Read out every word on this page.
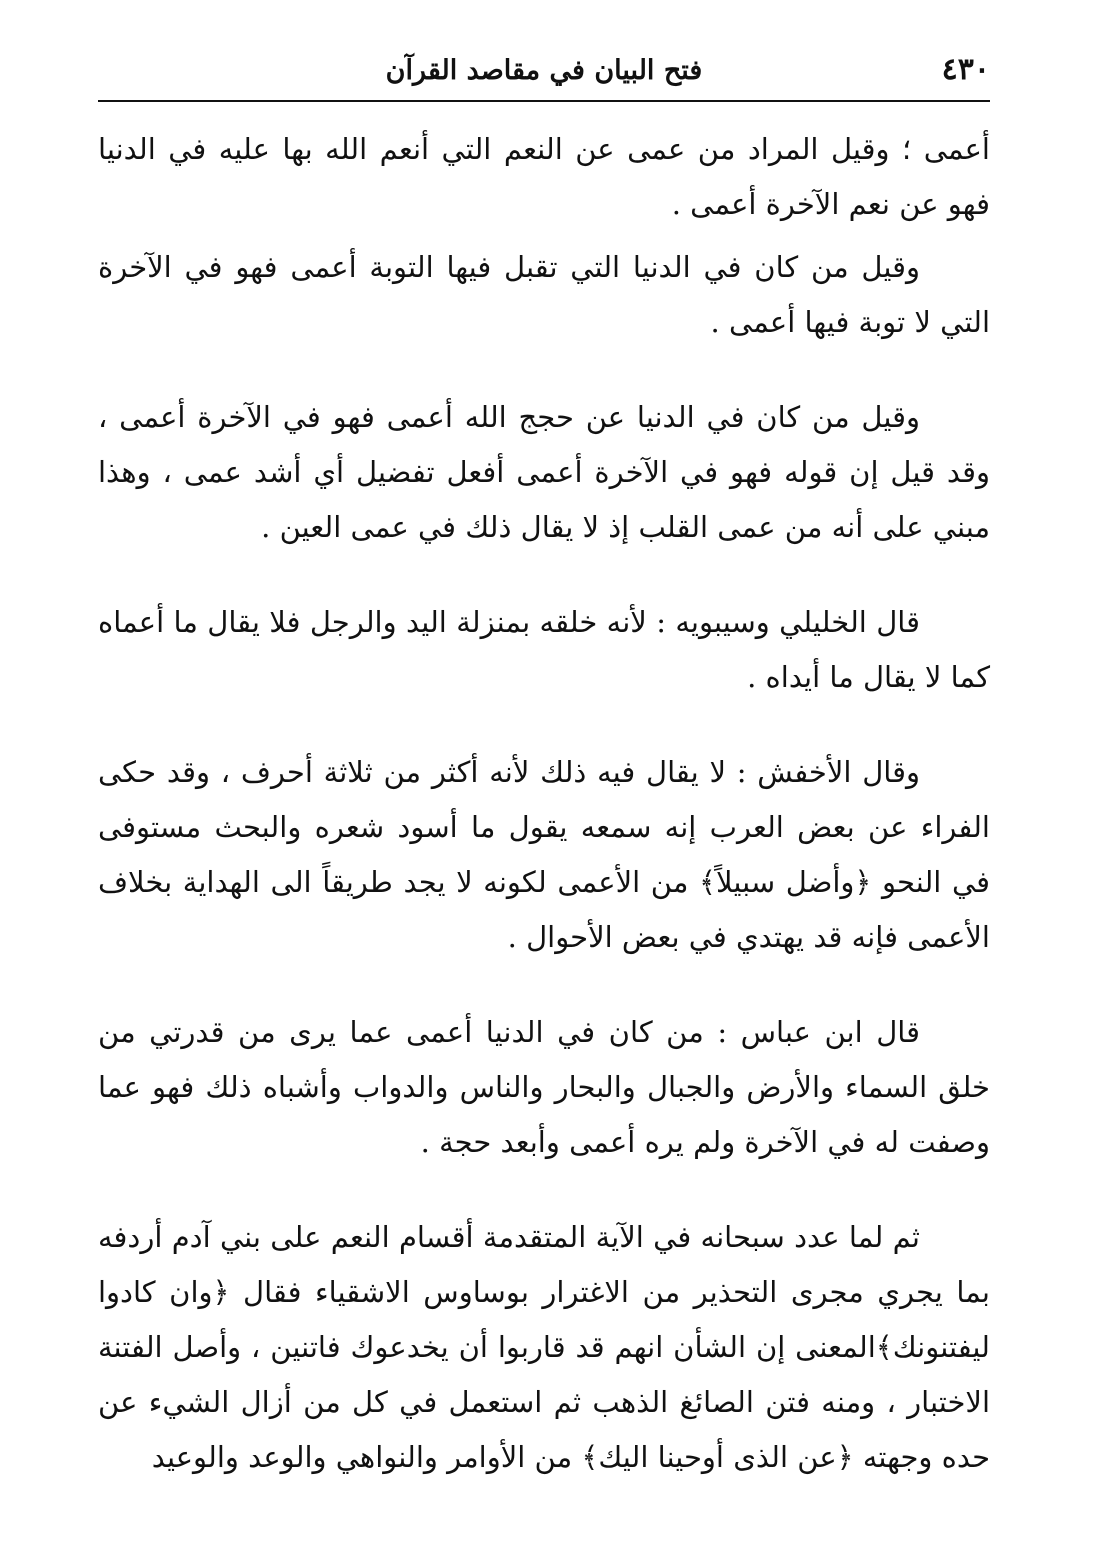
٤٣٠
فتح البيان في مقاصد القرآن

أعمى ؛ وقيل المراد من عمى عن النعم التي أنعم الله بها عليه في الدنيا فهو عن نعم الآخرة أعمى .

وقيل من كان في الدنيا التي تقبل فيها التوبة أعمى فهو في الآخرة التي لا توبة فيها أعمى .

وقيل من كان في الدنيا عن حجج الله أعمى فهو في الآخرة أعمى ، وقد قيل إن قوله فهو في الآخرة أعمى أفعل تفضيل أي أشد عمى ، وهذا مبني على أنه من عمى القلب إذ لا يقال ذلك في عمى العين .

قال الخليلي وسيبويه : لأنه خلقه بمنزلة اليد والرجل فلا يقال ما أعماه كما لا يقال ما أيداه .

وقال الأخفش : لا يقال فيه ذلك لأنه أكثر من ثلاثة أحرف ، وقد حكى الفراء عن بعض العرب إنه سمعه يقول ما أسود شعره والبحث مستوفى في النحو ﴿وأضل سبيلاً﴾ من الأعمى لكونه لا يجد طريقاً الى الهداية بخلاف الأعمى فإنه قد يهتدي في بعض الأحوال .

قال ابن عباس : من كان في الدنيا أعمى عما يرى من قدرتي من خلق السماء والأرض والجبال والبحار والناس والدواب وأشباه ذلك فهو عما وصفت له في الآخرة ولم يره أعمى وأبعد حجة .

ثم لما عدد سبحانه في الآية المتقدمة أقسام النعم على بني آدم أردفه بما يجري مجرى التحذير من الاغترار بوساوس الاشقياء فقال ﴿وان كادوا ليفتنونك﴾المعنى إن الشأن انهم قد قاربوا أن يخدعوك فاتنين ، وأصل الفتنة الاختبار ، ومنه فتن الصائغ الذهب ثم استعمل في كل من أزال الشيء عن حده وجهته ﴿عن الذى أوحينا اليك﴾ من الأوامر والنواهي والوعد والوعيد
